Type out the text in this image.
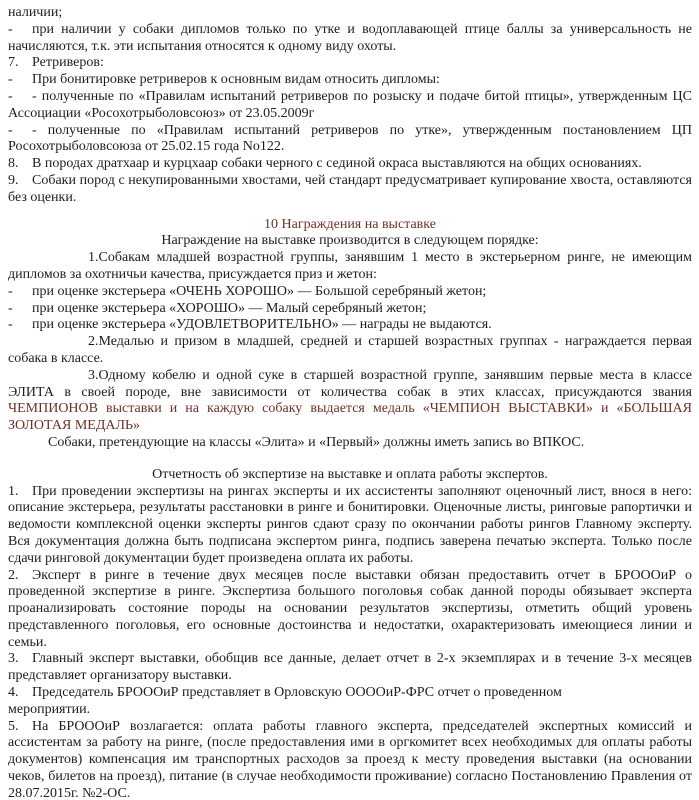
наличии;

- при наличии у собаки дипломов только по утке и водоплавающей птице баллы за универсальность не начисляются, т.к. эти испытания относятся к одному виду охоты.

7. Ретриверов:

- При бонитировке ретриверов к основным видам относить дипломы:

- - полученные по «Правилам испытаний ретриверов по розыску и подаче битой птицы», утвержденным ЦС Ассоциации «Росохотрыболовсоюз» от 23.05.2009г

- - полученные по «Правилам испытаний ретриверов по утке», утвержденным постановлением ЦП Росохотрыболовсоюза от 25.02.15 года No122.

8. В породах дратхаар и курцхаар собаки черного с сединой окраса выставляются на общих основаниях.

9. Собаки пород с некупированными хвостами, чей стандарт предусматривает купирование хвоста, оставляются без оценки.

10 Награждения на выставке

Награждение на выставке производится в следующем порядке:

1.Собакам младшей возрастной группы, занявшим 1 место в экстерьерном ринге, не имеющим дипломов за охотничьи качества, присуждается приз и жетон:

- при оценке экстерьера «ОЧЕНЬ ХОРОШО» — Большой серебряный жетон;

- при оценке экстерьера «ХОРОШО» — Малый серебряный жетон;

- при оценке экстерьера «УДОВЛЕТВОРИТЕЛЬНО» — награды не выдаются.

2.Медалью и призом в младшей, средней и старшей возрастных группах - награждается первая собака в классе.

3.Одному кобелю и одной суке в старшей возрастной группе, занявшим первые места в классе ЭЛИТА в своей породе, вне зависимости от количества собак в этих классах, присуждаются звания ЧЕМПИОНОВ выставки и на каждую собаку выдается медаль «ЧЕМПИОН ВЫСТАВКИ» и «БОЛЬШАЯ ЗОЛОТАЯ МЕДАЛЬ»

Собаки, претендующие на классы «Элита» и «Первый» должны иметь запись во ВПКОС.

Отчетность об экспертизе на выставке и оплата работы экспертов.

1. При проведении экспертизы на рингах эксперты и их ассистенты заполняют оценочный лист, внося в него: описание экстерьера, результаты расстановки в ринге и бонитировки. Оценочные листы, ринговые рапортички и ведомости комплексной оценки эксперты рингов сдают сразу по окончании работы рингов Главному эксперту. Вся документация должна быть подписана экспертом ринга, подпись заверена печатью эксперта. Только после сдачи ринговой документации будет произведена оплата их работы.

2. Эксперт в ринге в течение двух месяцев после выставки обязан предоставить отчет в БРОООиР о проведенной экспертизе в ринге. Экспертиза большого поголовья собак данной породы обязывает эксперта проанализировать состояние породы на основании результатов экспертизы, отметить общий уровень представленного поголовья, его основные достоинства и недостатки, охарактеризовать имеющиеся линии и семьи.

3. Главный эксперт выставки, обобщив все данные, делает отчет в 2-х экземплярах и в течение 3-х месяцев представляет организатору выставки.

4. Председатель БРОООиР представляет в Орловскую ООООиР-ФРС отчет о проведенном
мероприятии.

5. На БРОООиР возлагается: оплата работы главного эксперта, председателей экспертных комиссий и ассистентам за работу на ринге, (после предоставления ими в оргкомитет всех необходимых для оплаты работы документов) компенсация им транспортных расходов за проезд к месту проведения выставки (на основании чеков, билетов на проезд), питание (в случае необходимости проживание) согласно Постановлению Правления от 28.07.2015г. №2-ОС.
